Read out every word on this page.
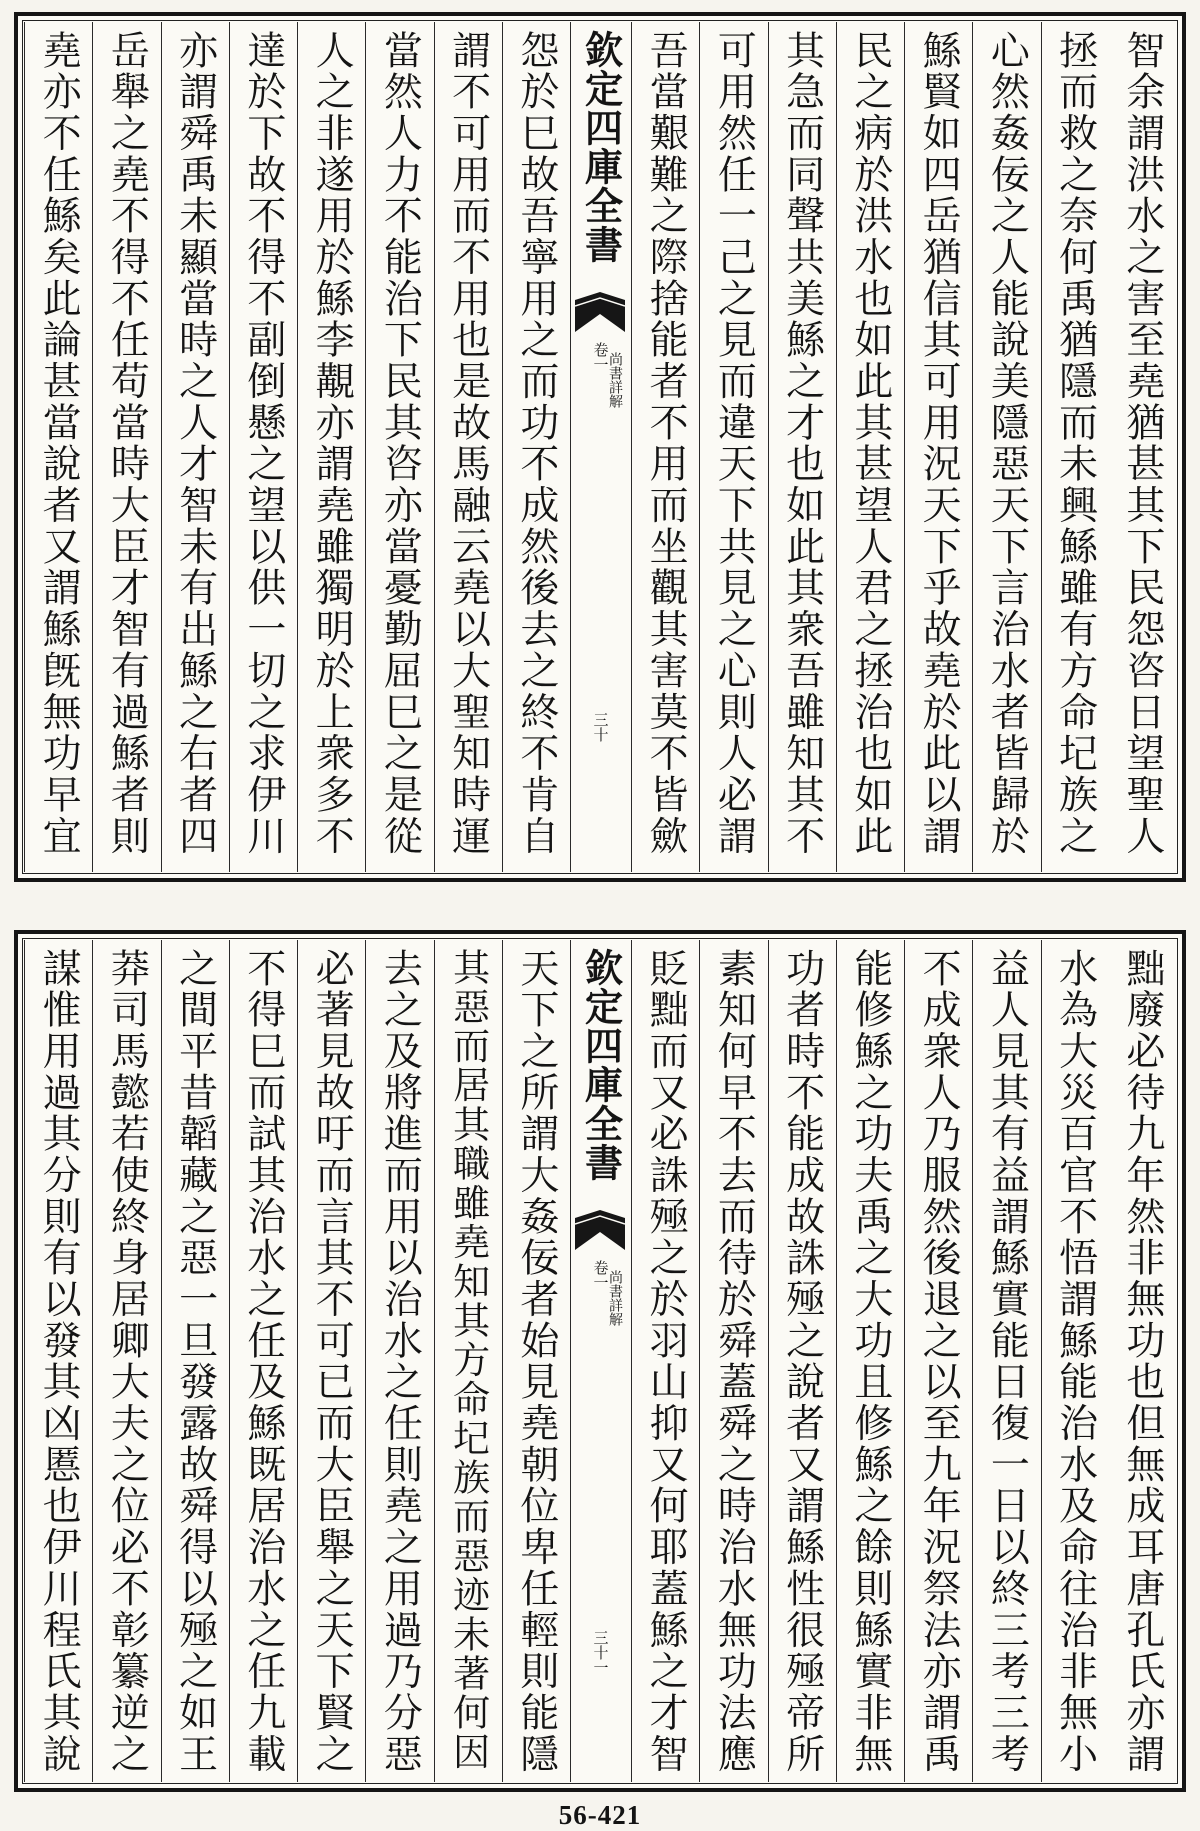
智余謂洪水之害至堯猶甚其下民怨咨日望聖人
拯而救之奈何禹猶隱而未興鯀雖有方命圮族之
心然姦佞之人能說美隱惡天下言治水者皆歸於
鯀賢如四岳猶信其可用況天下乎故堯於此以謂
民之病於洪水也如此其甚望人君之拯治也如此
其急而同聲共美鯀之才也如此其衆吾雖知其不
可用然任一己之見而違天下共見之心則人必謂
吾當艱難之際捨能者不用而坐觀其害莫不皆歛
欽定四庫全書
尚書詳解
卷一
三十
怨於巳故吾寧用之而功不成然後去之終不肯自
謂不可用而不用也是故馬融云堯以大聖知時運
當然人力不能治下民其咨亦當憂勤屈巳之是從
人之非遂用於鯀李覯亦謂堯雖獨明於上衆多不
達於下故不得不副倒懸之望以供一切之求伊川
亦謂舜禹未顯當時之人才智未有出鯀之右者四
岳舉之堯不得不任苟當時大臣才智有過鯀者則
堯亦不任鯀矣此論甚當說者又謂鯀旣無功早宜
黜廢必待九年然非無功也但無成耳唐孔氏亦謂
水為大災百官不悟謂鯀能治水及命往治非無小
益人見其有益謂鯀實能日復一日以終三考三考
不成衆人乃服然後退之以至九年況祭法亦謂禹
能修鯀之功夫禹之大功且修鯀之餘則鯀實非無
功者時不能成故誅殛之說者又謂鯀性很殛帝所
素知何早不去而待於舜蓋舜之時治水無功法應
貶黜而又必誅殛之於羽山抑又何耶蓋鯀之才智
欽定四庫全書
尚書詳解
卷一
三十一
天下之所謂大姦佞者始見堯朝位卑任輕則能隱
其惡而居其職雖堯知其方命圮族而惡迹未著何因
去之及將進而用以治水之任則堯之用過乃分惡
必著見故吁而言其不可已而大臣舉之天下賢之
不得巳而試其治水之任及鯀既居治水之任九載
之間平昔韜藏之惡一旦發露故舜得以殛之如王
莽司馬懿若使終身居卿大夫之位必不彰纂逆之
謀惟用過其分則有以發其凶慝也伊川程氏其說
56-421
